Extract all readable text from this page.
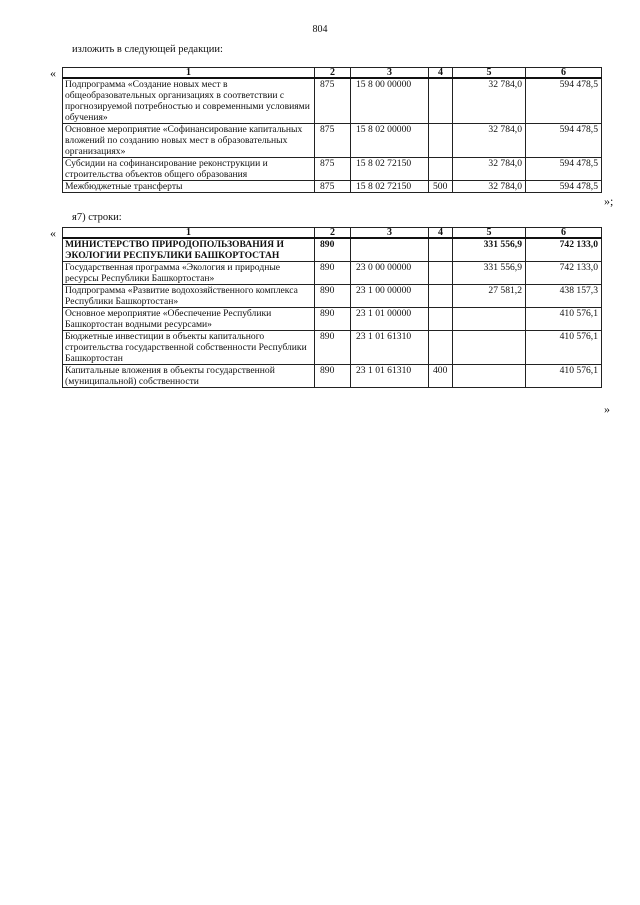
804
изложить в следующей редакции:
«	1	2	3	4	5	6
Подпрограмма «Создание новых мест в общеобразовательных организациях в соответствии с прогнозируемой потребностью и современными условиями обучения»	875	15 8 00 00000		32 784,0	594 478,5
Основное мероприятие «Софинансирование капитальных вложений по созданию новых мест в образовательных организациях»	875	15 8 02 00000		32 784,0	594 478,5
Субсидии на софинансирование реконструкции и строительства объектов общего образования	875	15 8 02 72150		32 784,0	594 478,5
Межбюджетные трансферты	875	15 8 02 72150	500	32 784,0	594 478,5
»;
я7) строки:
«	1	2	3	4	5	6
МИНИСТЕРСТВО ПРИРОДОПОЛЬЗОВАНИЯ И ЭКОЛОГИИ РЕСПУБЛИКИ БАШКОРТОСТАН	890			331 556,9	742 133,0
Государственная программа «Экология и природные ресурсы Республики Башкортостан»	890	23 0 00 00000		331 556,9	742 133,0
Подпрограмма «Развитие водохозяйственного комплекса Республики Башкортостан»	890	23 1 00 00000		27 581,2	438 157,3
Основное мероприятие «Обеспечение Республики Башкортостан водными ресурсами»	890	23 1 01 00000			410 576,1
Бюджетные инвестиции в объекты капитального строительства государственной собственности Республики Башкортостан	890	23 1 01 61310			410 576,1
Капитальные вложения в объекты государственной (муниципальной) собственности	890	23 1 01 61310	400		410 576,1
»
